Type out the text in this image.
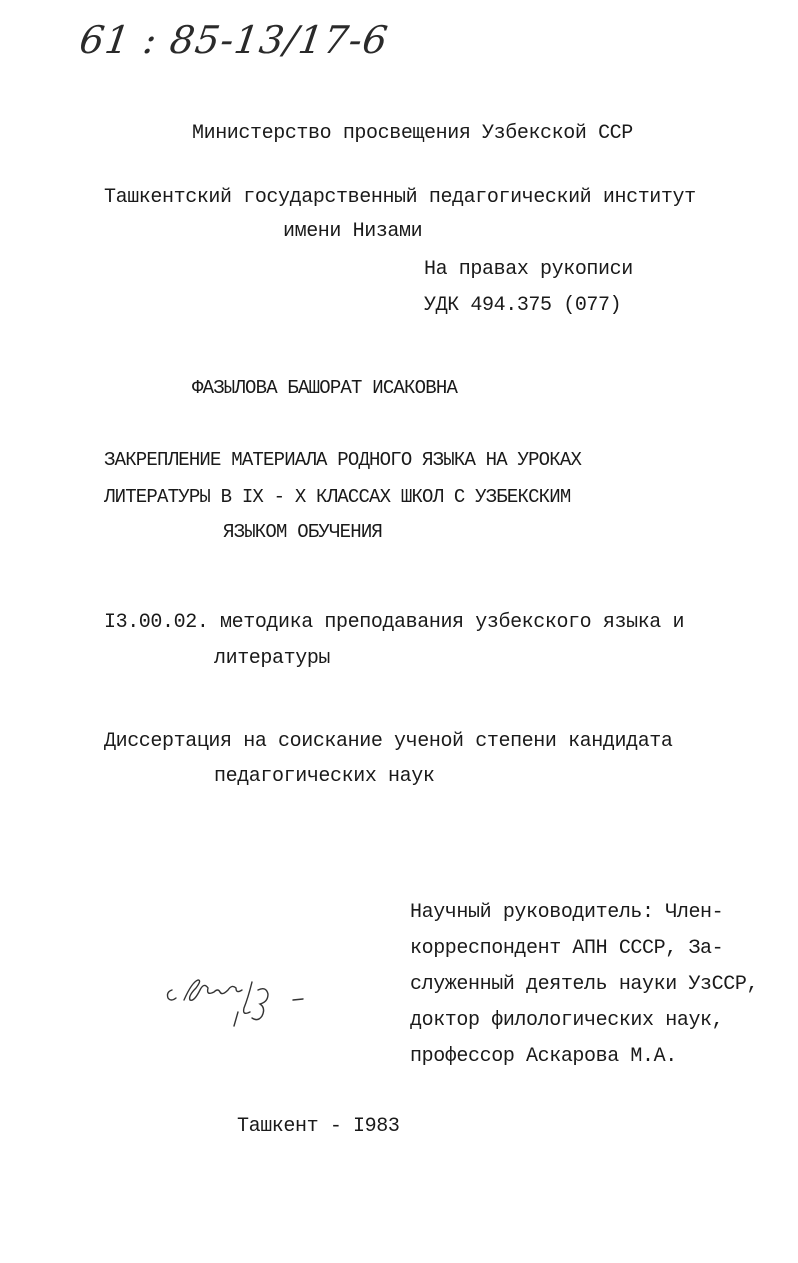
61 : 85-13/17-6
Министерство просвещения Узбекской ССР
Ташкентский государственный педагогический институт
имени Низами
На правах рукописи
УДК 494.375 (077)
ФАЗЫЛОВА БАШОРАТ ИСАКОВНА
ЗАКРЕПЛЕНИЕ МАТЕРИАЛА РОДНОГО ЯЗЫКА НА УРОКАХ
ЛИТЕРАТУРЫ В IX - X КЛАССАХ ШКОЛ С УЗБЕКСКИМ
ЯЗЫКОМ ОБУЧЕНИЯ
I3.00.02. методика преподавания узбекского языка и
литературы
Диссертация на соискание ученой степени кандидата
педагогических наук
Научный руководитель: Член-
корреспондент АПН СССР, За-
служенный деятель науки УзССР,
доктор филологических наук,
профессор Аскарова М.А.
Ташкент - I983
